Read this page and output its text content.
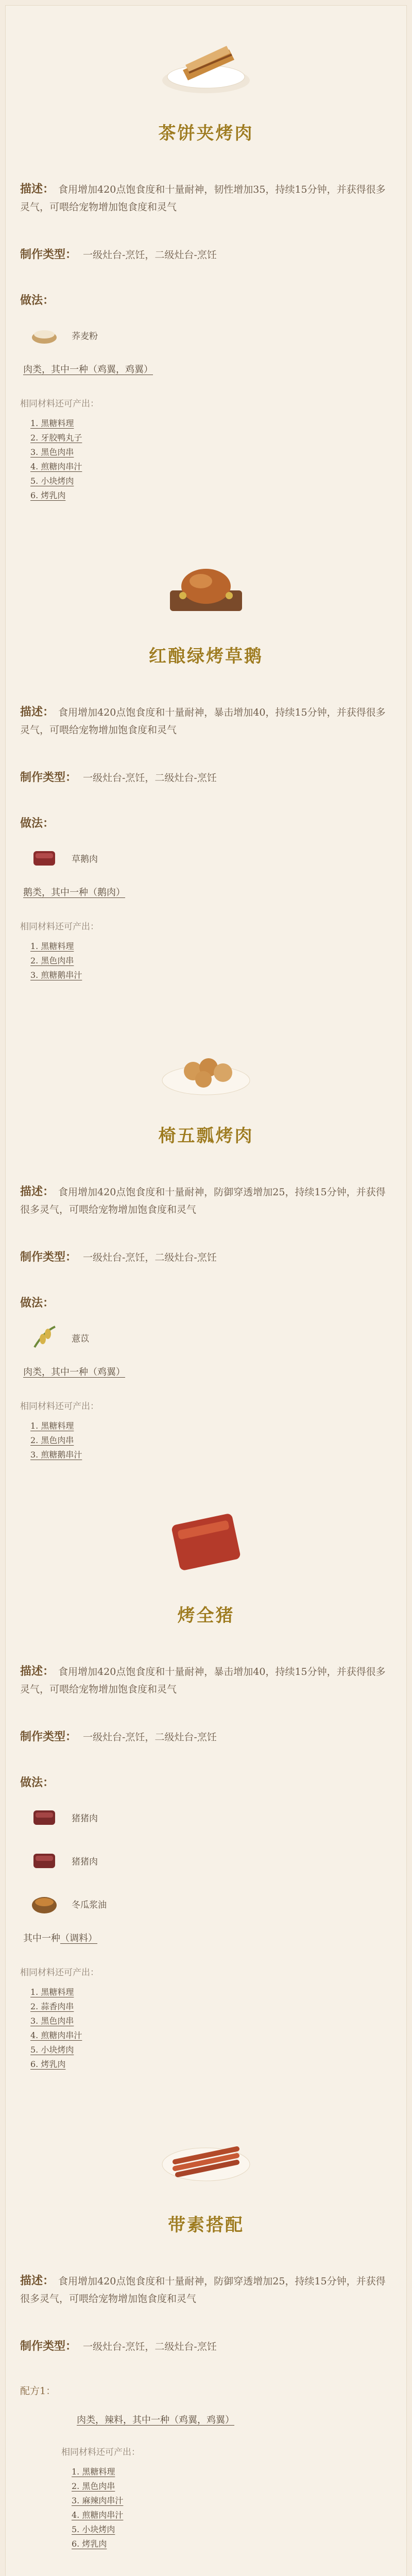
茶饼夹烤肉

描述： 食用增加420点饱食度和十量耐神，韧性增加35，持续15分钟，并获得很多灵气，可喂给宠物增加饱食度和灵气

制作类型： 一级灶台-烹饪，二级灶台-烹饪

做法：
荞麦粉

肉类，其中一种（鸡翼，鸡翼）

相同材料还可产出：
1. 黑糖料理
2. 牙胶鸭丸子
3. 黑色肉串
4. 煎糖肉串汁
5. 小块烤肉
6. 烤乳肉
红酿绿烤草鹅

描述： 食用增加420点饱食度和十量耐神，暴击增加40，持续15分钟，并获得很多灵气，可喂给宠物增加饱食度和灵气

制作类型： 一级灶台-烹饪，二级灶台-烹饪

做法：
草鹅肉

鹅类，其中一种（鹅肉）

相同材料还可产出：
1. 黑糖料理
2. 黑色肉串
3. 煎糖鹅串汁
椅五瓢烤肉

描述： 食用增加420点饱食度和十量耐神，防御穿透增加25，持续15分钟，并获得很多灵气，可喂给宠物增加饱食度和灵气

制作类型： 一级灶台-烹饪，二级灶台-烹饪

做法：
薏苡

肉类，其中一种（鸡翼）

相同材料还可产出：
1. 黑糖料理
2. 黑色肉串
3. 煎糖鹅串汁
烤全猪

描述： 食用增加420点饱食度和十量耐神，暴击增加40，持续15分钟，并获得很多灵气，可喂给宠物增加饱食度和灵气

制作类型： 一级灶台-烹饪，二级灶台-烹饪

做法：
猪猪肉
猪猪肉
冬瓜浆油

其中一种（调料）

相同材料还可产出：
1. 黑糖料理
2. 蒜香肉串
3. 黑色肉串
4. 煎糖肉串汁
5. 小块烤肉
6. 烤乳肉
带素搭配

描述： 食用增加420点饱食度和十量耐神，防御穿透增加25，持续15分钟，并获得很多灵气，可喂给宠物增加饱食度和灵气

制作类型： 一级灶台-烹饪，二级灶台-烹饪

配方1：

肉类，辣料，其中一种（鸡翼，鸡翼）

相同材料还可产出：
1. 黑糖料理
2. 黑色肉串
3. 麻辣肉串汁
4. 煎糖肉串汁
5. 小块烤肉
6. 烤乳肉
